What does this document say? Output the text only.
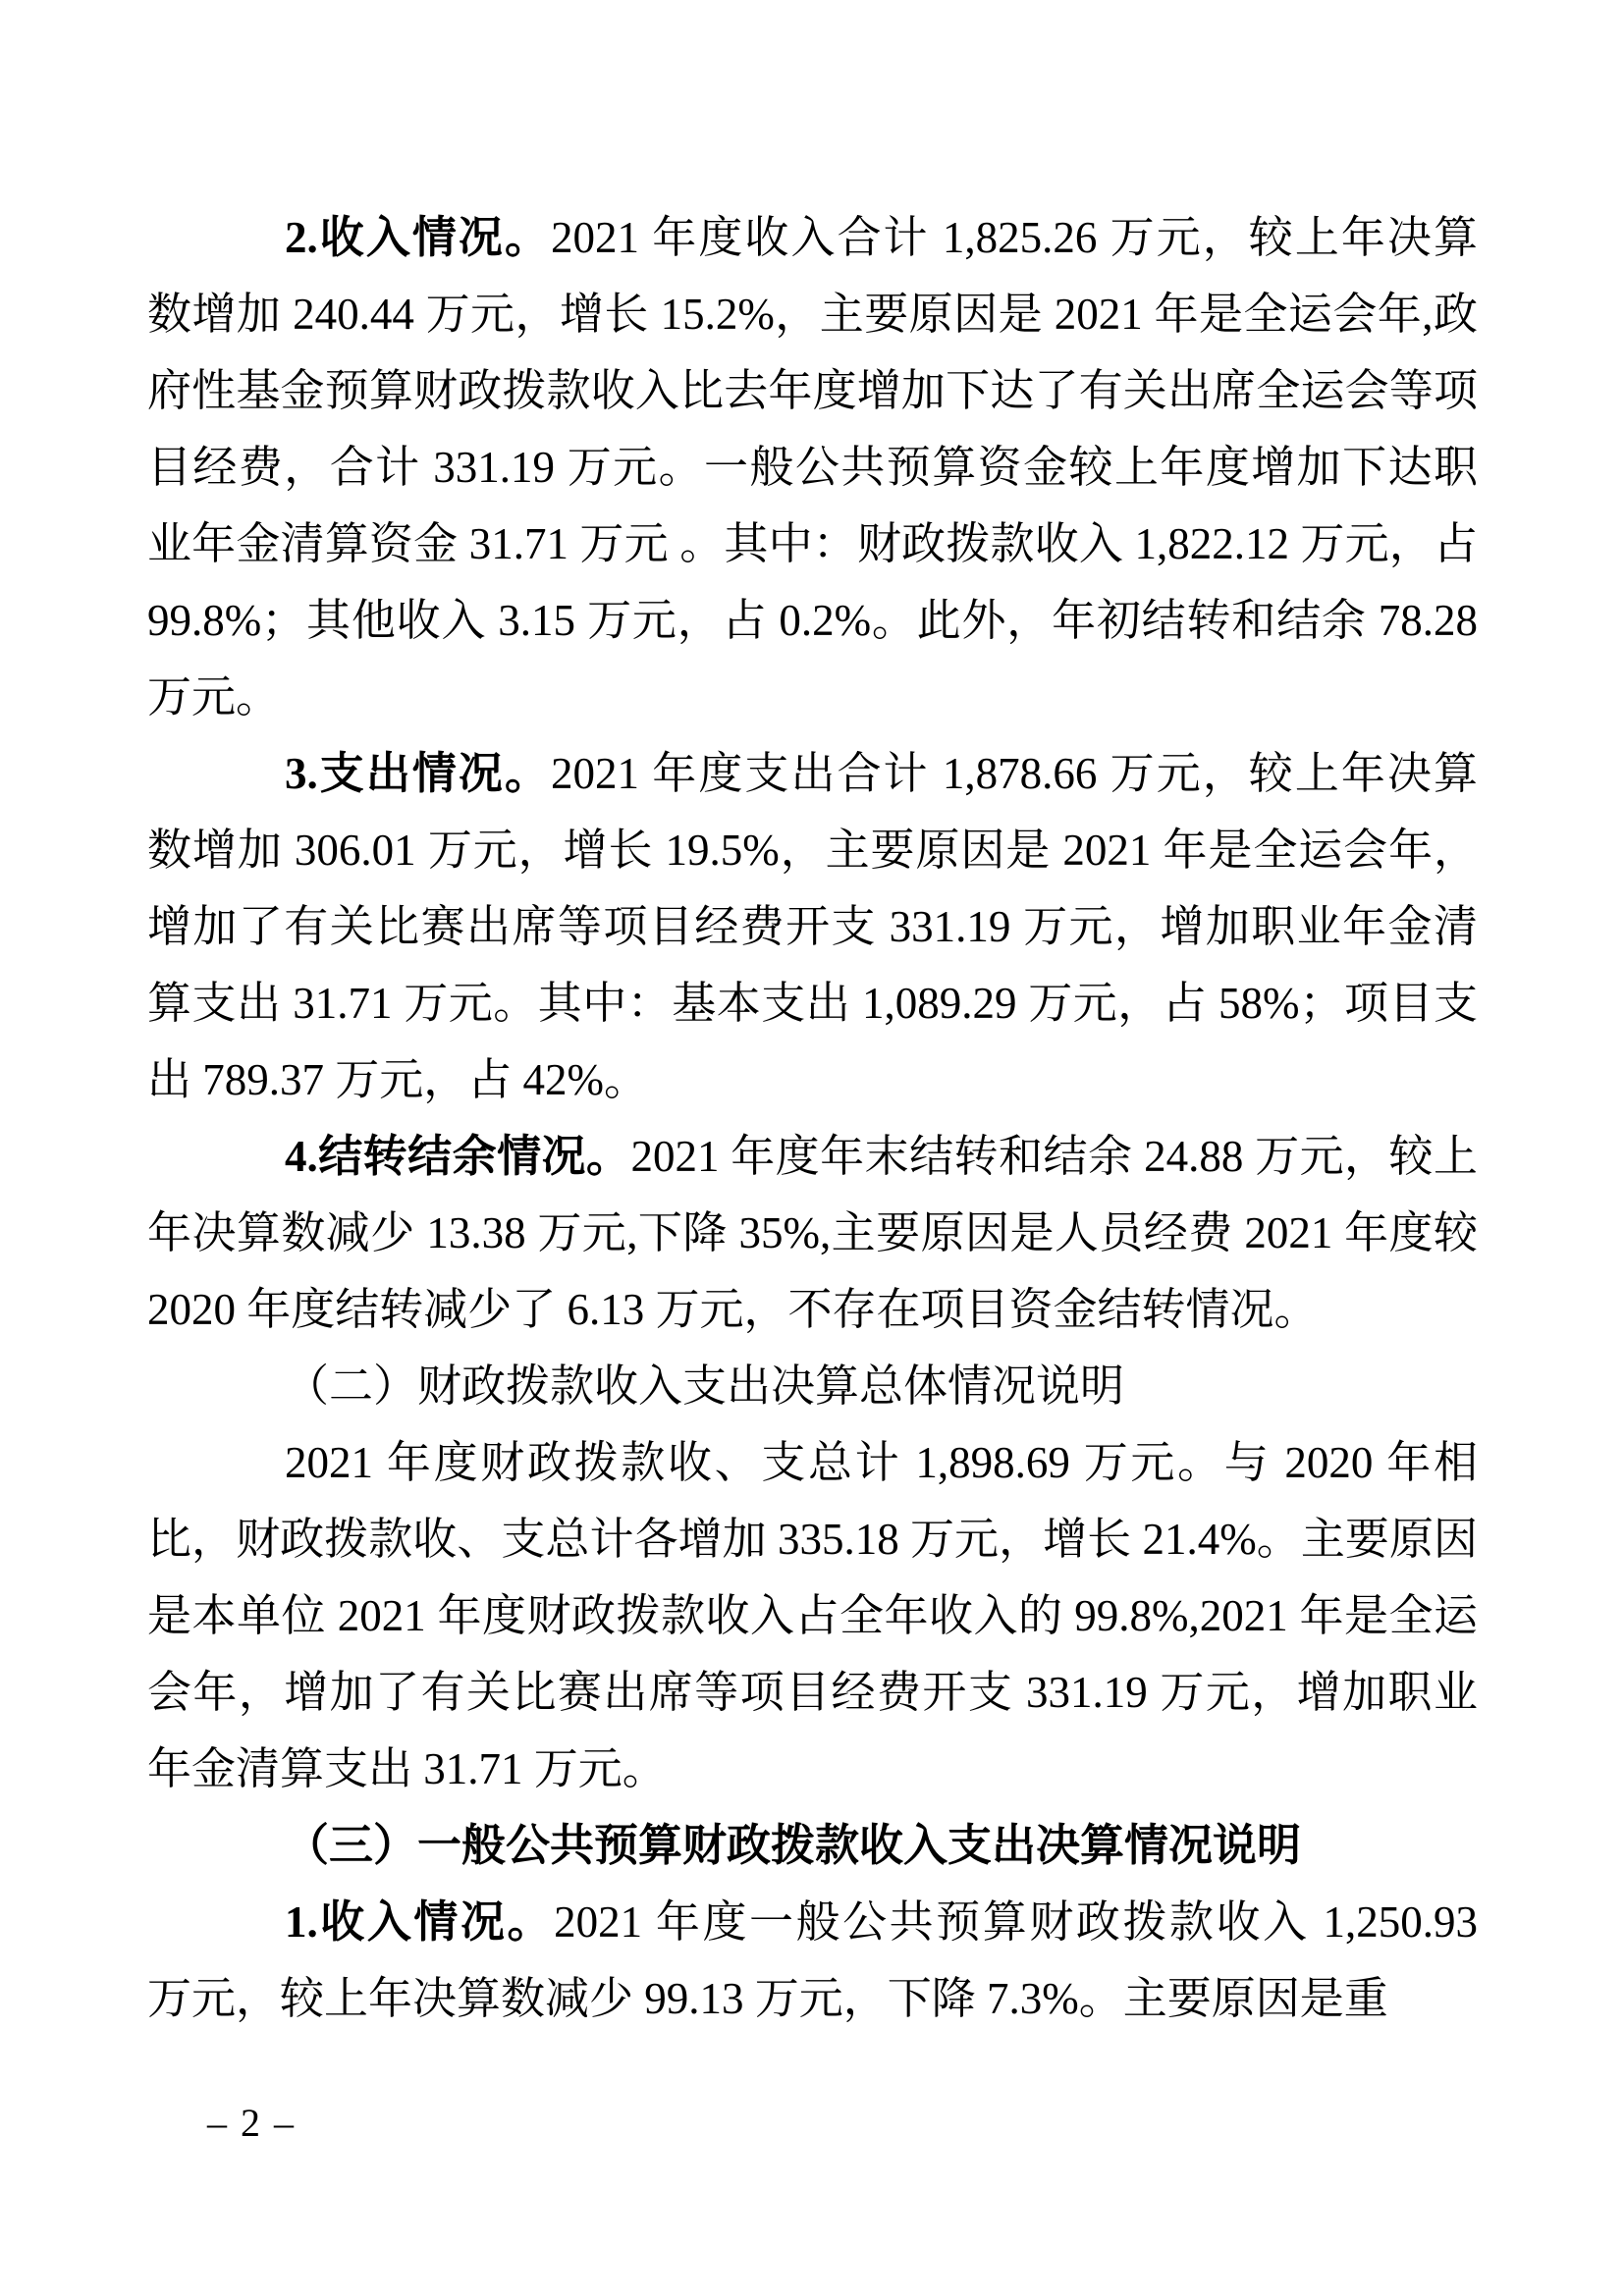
2.收入情况。2021 年度收入合计 1,825.26 万元，较上年决算数增加 240.44 万元，增长 15.2%，主要原因是 2021 年是全运会年,政府性基金预算财政拨款收入比去年度增加下达了有关出席全运会等项目经费，合计 331.19 万元。一般公共预算资金较上年度增加下达职业年金清算资金 31.71 万元 。其中：财政拨款收入 1,822.12 万元，占 99.8%；其他收入 3.15 万元，占 0.2%。此外，年初结转和结余 78.28 万元。

3.支出情况。2021 年度支出合计 1,878.66 万元，较上年决算数增加 306.01 万元，增长 19.5%，主要原因是 2021 年是全运会年，增加了有关比赛出席等项目经费开支 331.19 万元，增加职业年金清算支出 31.71 万元。其中：基本支出 1,089.29 万元，占 58%；项目支出 789.37 万元，占 42%。

4.结转结余情况。2021 年度年末结转和结余 24.88 万元，较上年决算数减少 13.38 万元,下降 35%,主要原因是人员经费 2021 年度较 2020 年度结转减少了 6.13 万元，不存在项目资金结转情况。

（二）财政拨款收入支出决算总体情况说明

2021 年度财政拨款收、支总计 1,898.69 万元。与 2020 年相比，财政拨款收、支总计各增加 335.18 万元，增长 21.4%。主要原因是本单位 2021 年度财政拨款收入占全年收入的 99.8%,2021 年是全运会年，增加了有关比赛出席等项目经费开支 331.19 万元，增加职业年金清算支出 31.71 万元。

（三）一般公共预算财政拨款收入支出决算情况说明

1.收入情况。2021 年度一般公共预算财政拨款收入 1,250.93 万元，较上年决算数减少 99.13 万元，下降 7.3%。主要原因是重

– 2 –
